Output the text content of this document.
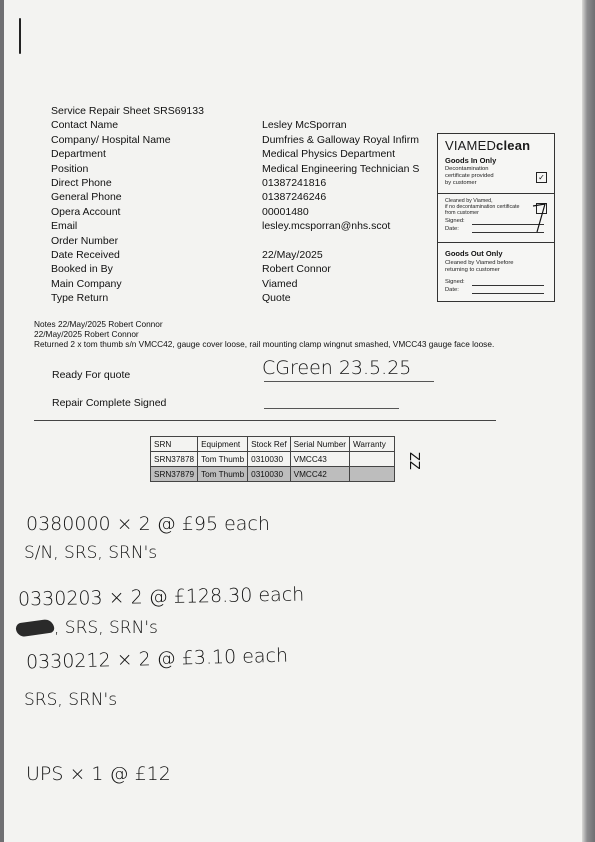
Service Repair Sheet SRS69133
Contact Name	Lesley McSporran
Company/ Hospital Name	Dumfries & Galloway Royal Infirm
Department	Medical Physics Department
Position	Medical Engineering Technician S
Direct Phone	01387241816
General Phone	01387246246
Opera Account	00001480
Email	lesley.mcsporran@nhs.scot
Order Number
Date Received	22/May/2025
Booked in By	Robert Connor
Main Company	Viamed
Type Return	Quote
VIAMEDclean
Goods In Only
Decontamination
certificate provided
by customer
✓
Cleaned by Viamed,
if no decontamination certificate
from customer
Signed:
Date:
Goods Out Only
Cleaned by Viamed before
returning to customer
Signed:
Date:
Notes 22/May/2025 Robert Connor
22/May/2025 Robert Connor
Returned 2 x tom thumb s/n VMCC42, gauge cover loose, rail mounting clamp wingnut smashed, VMCC43 gauge face loose.
Ready For quote	CGreen 23.5.25
Repair Complete Signed
SRN	Equipment	Stock Ref	Serial Number	Warranty
SRN37878	Tom Thumb	0310030	VMCC43	
SRN37879	Tom Thumb	0310030	VMCC42	
ZZ
0380000 × 2 @ £95 each
S/N, SRS, SRN's
0330203 × 2 @ £128.30 each
, SRS, SRN's
0330212 × 2 @ £3.10 each
SRS, SRN's
UPS × 1 @ £12
